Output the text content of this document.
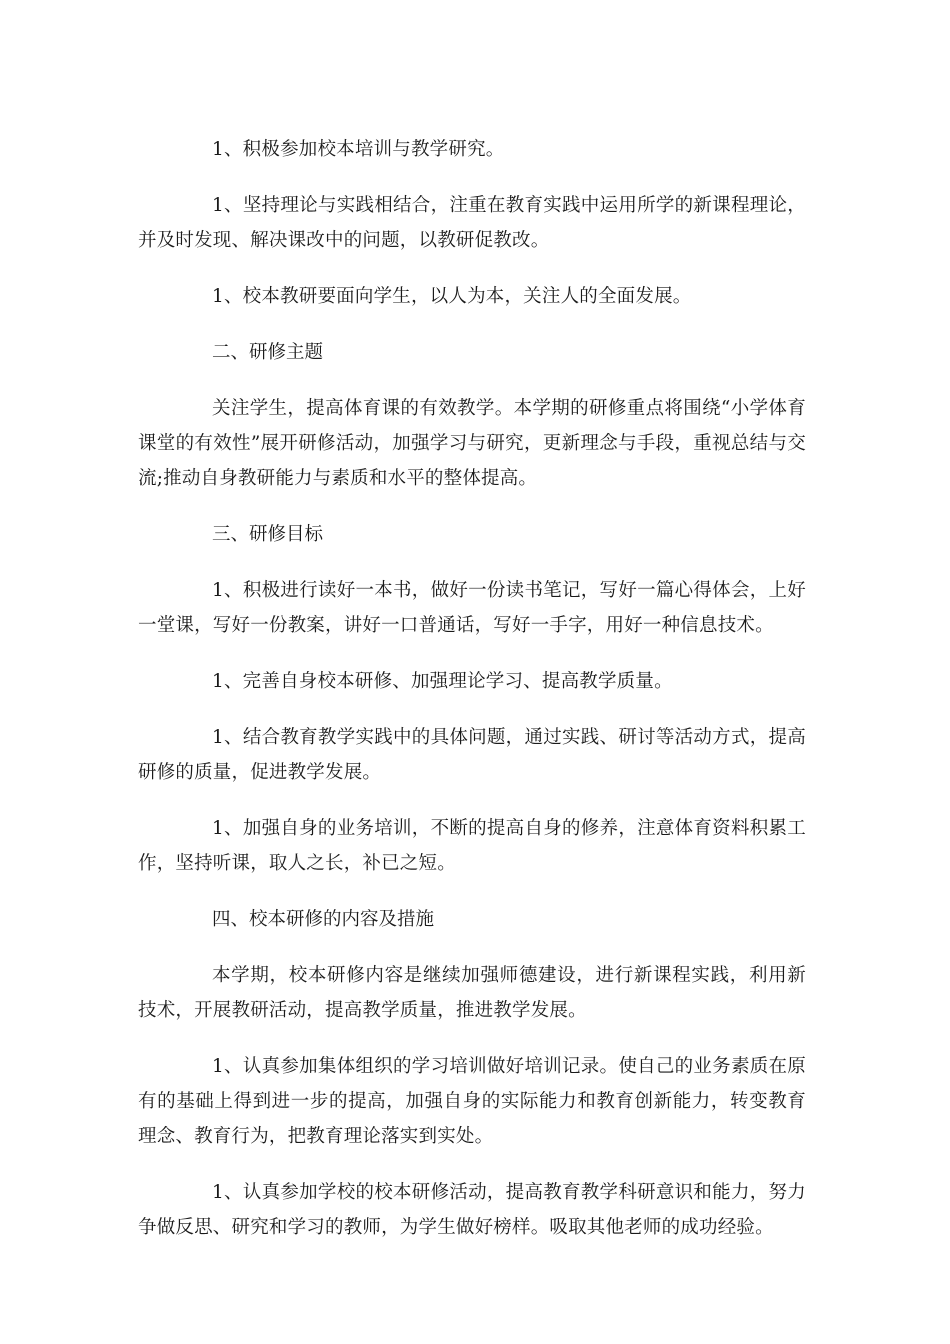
1、积极参加校本培训与教学研究。

1、坚持理论与实践相结合，注重在教育实践中运用所学的新课程理论，并及时发现、解决课改中的问题，以教研促教改。

1、校本教研要面向学生，以人为本，关注人的全面发展。

二、研修主题

关注学生，提高体育课的有效教学。本学期的研修重点将围绕“小学体育课堂的有效性”展开研修活动，加强学习与研究，更新理念与手段，重视总结与交流;推动自身教研能力与素质和水平的整体提高。

三、研修目标

1、积极进行读好一本书，做好一份读书笔记，写好一篇心得体会，上好一堂课，写好一份教案，讲好一口普通话，写好一手字，用好一种信息技术。

1、完善自身校本研修、加强理论学习、提高教学质量。

1、结合教育教学实践中的具体问题，通过实践、研讨等活动方式，提高研修的质量，促进教学发展。

1、加强自身的业务培训，不断的提高自身的修养，注意体育资料积累工作，坚持听课，取人之长，补已之短。

四、校本研修的内容及措施

本学期，校本研修内容是继续加强师德建设，进行新课程实践，利用新技术，开展教研活动，提高教学质量，推进教学发展。

1、认真参加集体组织的学习培训做好培训记录。使自己的业务素质在原有的基础上得到进一步的提高，加强自身的实际能力和教育创新能力，转变教育理念、教育行为，把教育理论落实到实处。

1、认真参加学校的校本研修活动，提高教育教学科研意识和能力，努力争做反思、研究和学习的教师，为学生做好榜样。吸取其他老师的成功经验。
